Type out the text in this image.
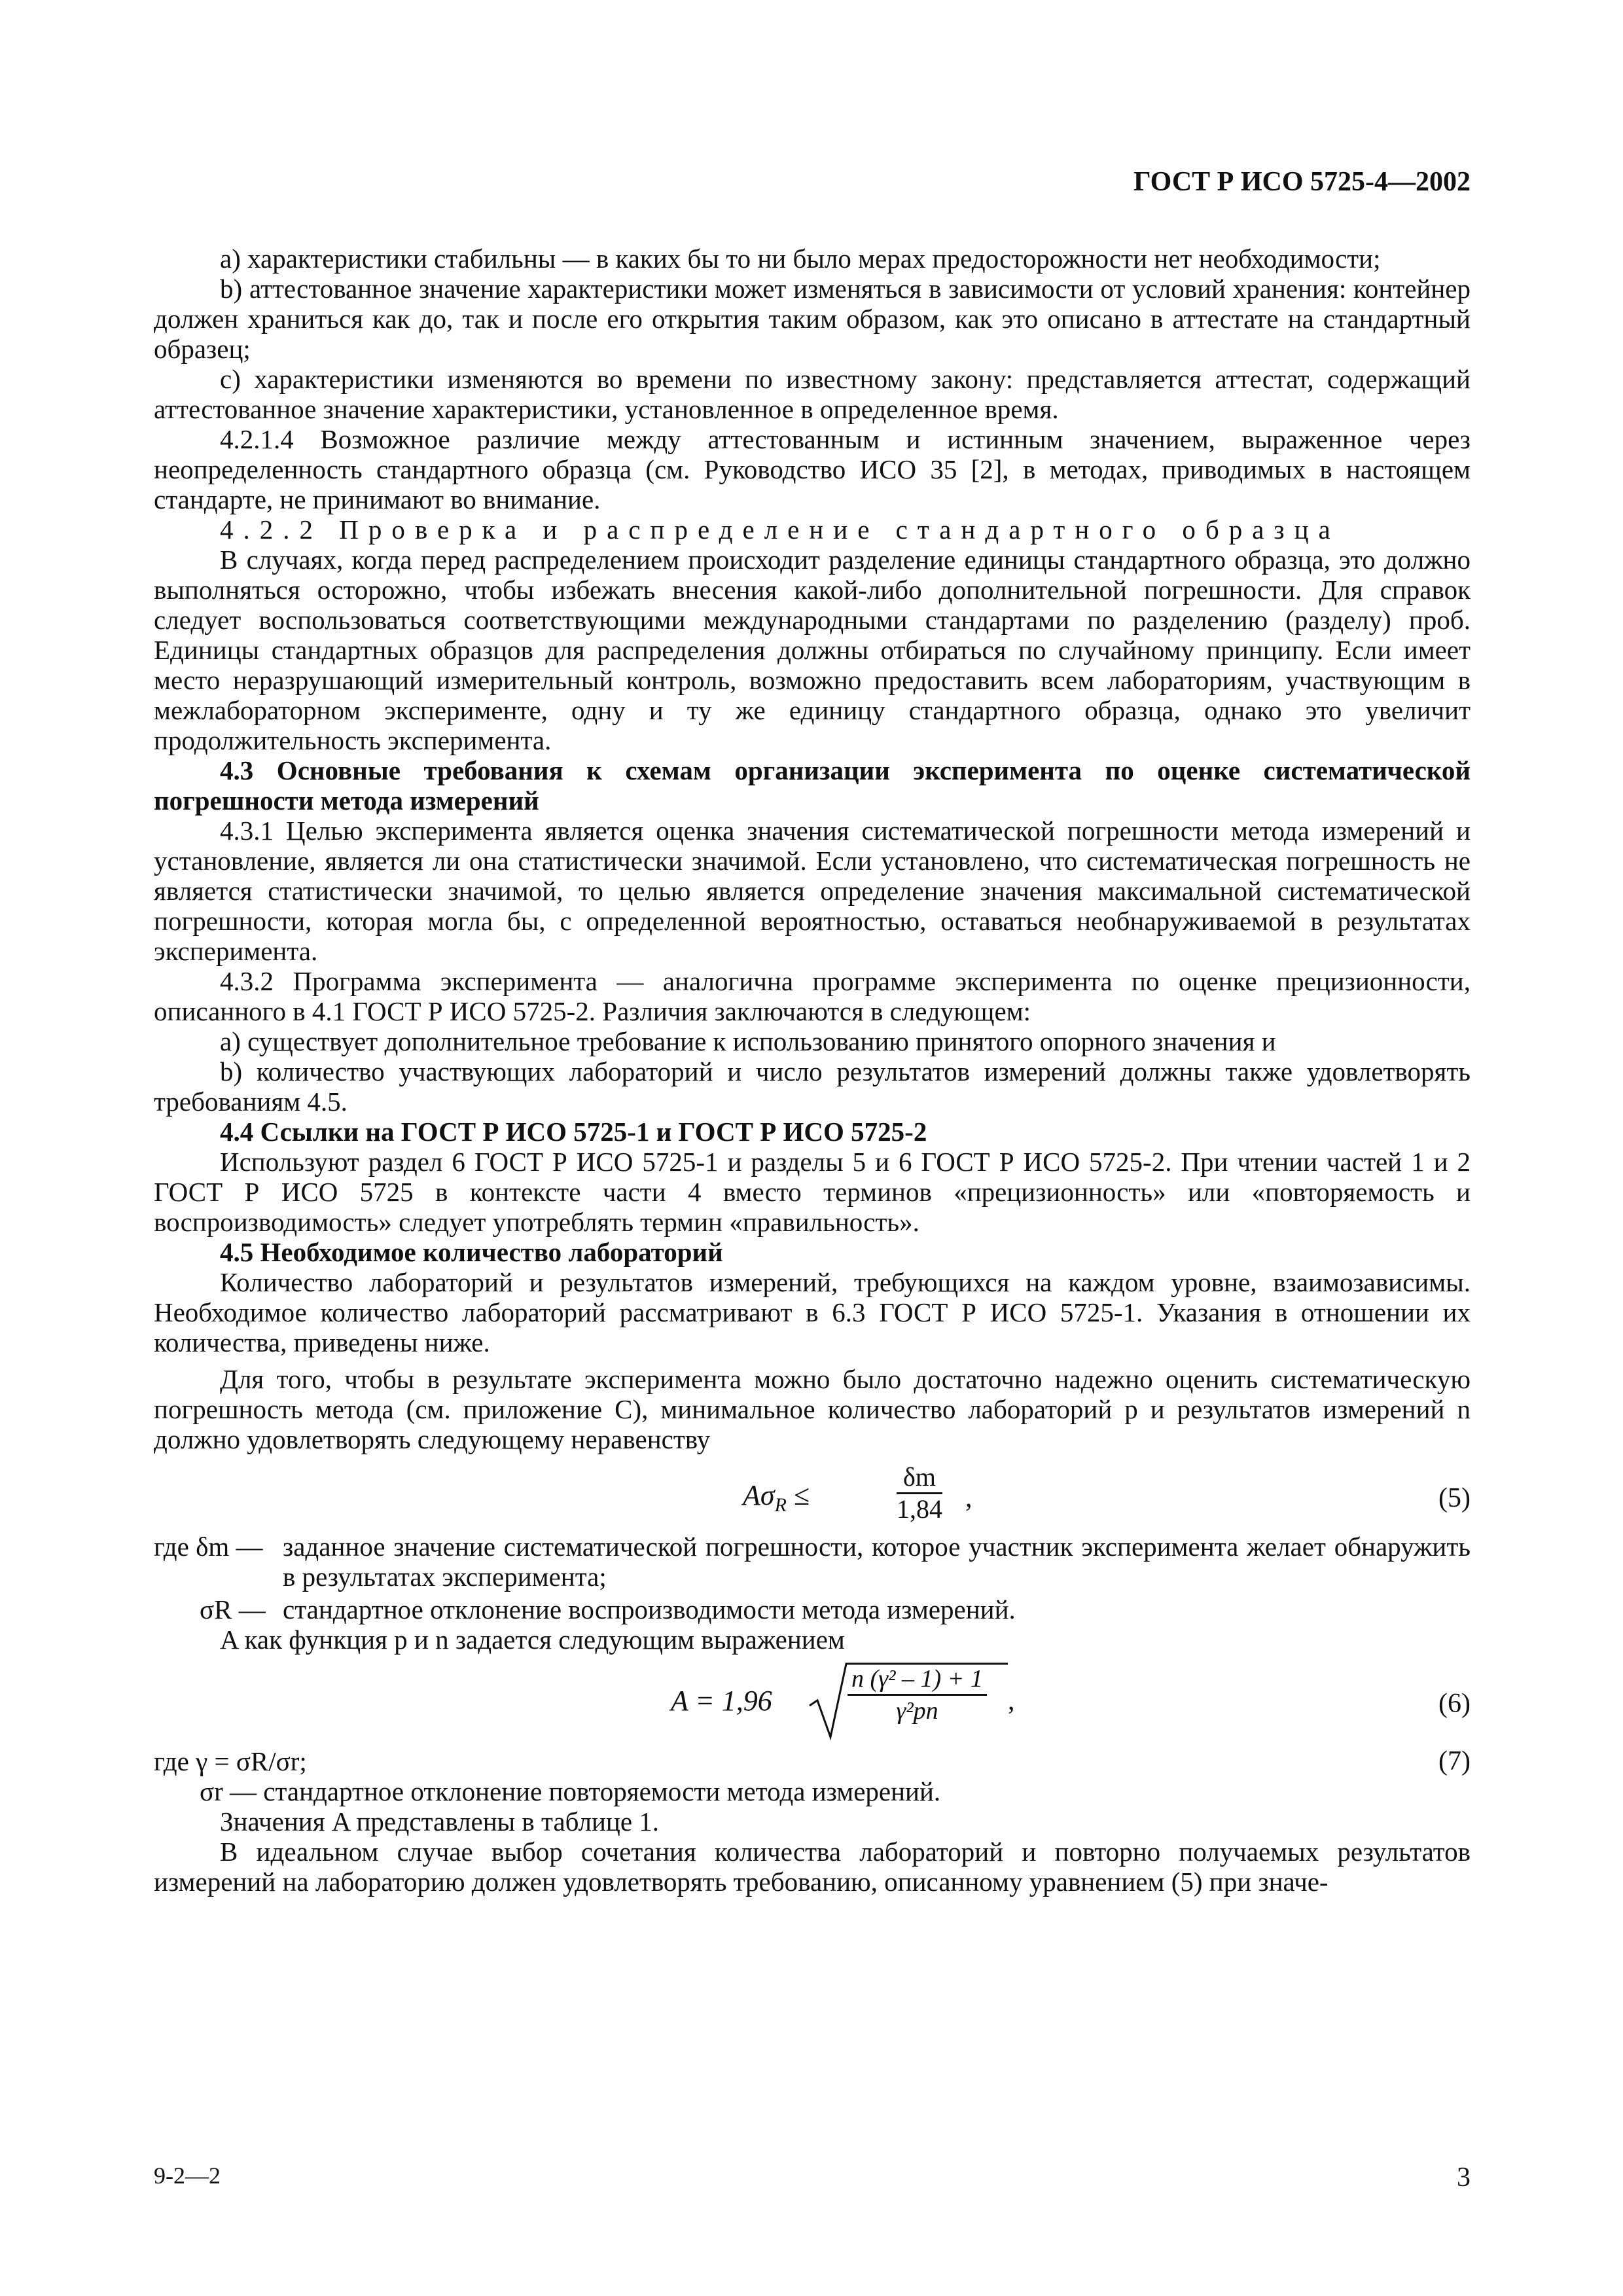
ГОСТ Р ИСО 5725-4—2002

а) характеристики стабильны — в каких бы то ни было мерах предосторожности нет необходимости;

b) аттестованное значение характеристики может изменяться в зависимости от условий хранения: контейнер должен храниться как до, так и после его открытия таким образом, как это описано в аттестате на стандартный образец;

с) характеристики изменяются во времени по известному закону: представляется аттестат, содержащий аттестованное значение характеристики, установленное в определенное время.

4.2.1.4 Возможное различие между аттестованным и истинным значением, выраженное через неопределенность стандартного образца (см. Руководство ИСО 35 [2], в методах, приводимых в настоящем стандарте, не принимают во внимание.

4.2.2 Проверка и распределение стандартного образца

В случаях, когда перед распределением происходит разделение единицы стандартного образца, это должно выполняться осторожно, чтобы избежать внесения какой-либо дополнительной погрешности. Для справок следует воспользоваться соответствующими международными стандартами по разделению (разделу) проб. Единицы стандартных образцов для распределения должны отбираться по случайному принципу. Если имеет место неразрушающий измерительный контроль, возможно предоставить всем лабораториям, участвующим в межлабораторном эксперименте, одну и ту же единицу стандартного образца, однако это увеличит продолжительность эксперимента.

4.3 Основные требования к схемам организации эксперимента по оценке систематической погрешности метода измерений

4.3.1 Целью эксперимента является оценка значения систематической погрешности метода измерений и установление, является ли она статистически значимой. Если установлено, что систематическая погрешность не является статистически значимой, то целью является определение значения максимальной систематической погрешности, которая могла бы, с определенной вероятностью, оставаться необнаруживаемой в результатах эксперимента.

4.3.2 Программа эксперимента — аналогична программе эксперимента по оценке прецизионности, описанного в 4.1 ГОСТ Р ИСО 5725-2. Различия заключаются в следующем:

а) существует дополнительное требование к использованию принятого опорного значения и

b) количество участвующих лабораторий и число результатов измерений должны также удовлетворять требованиям 4.5.

4.4 Ссылки на ГОСТ Р ИСО 5725-1 и ГОСТ Р ИСО 5725-2

Используют раздел 6 ГОСТ Р ИСО 5725-1 и разделы 5 и 6 ГОСТ Р ИСО 5725-2. При чтении частей 1 и 2 ГОСТ Р ИСО 5725 в контексте части 4 вместо терминов «прецизионность» или «повторяемость и воспроизводимость» следует употреблять термин «правильность».

4.5 Необходимое количество лабораторий

Количество лабораторий и результатов измерений, требующихся на каждом уровне, взаимозависимы. Необходимое количество лабораторий рассматривают в 6.3 ГОСТ Р ИСО 5725-1. Указания в отношении их количества, приведены ниже.

Для того, чтобы в результате эксперимента можно было достаточно надежно оценить систематическую погрешность метода (см. приложение С), минимальное количество лабораторий p и результатов измерений n должно удовлетворять следующему неравенству

$A\sigma_R$ ≤	$\frac{\delta m}{1,84}$ ,	(5)
где δm — заданное значение систематической погрешности, которое участник эксперимента желает обнаружить в результатах эксперимента;
σR — стандартное отклонение воспроизводимости метода измерений.

A как функция p и n задается следующим выражением

A = 1,96	$\frac{\text{n (γ² – 1) + 1}}{\text{γ²pn}}$ ,	(6)
где γ = σR/σr;	(7)

σr — стандартное отклонение повторяемости метода измерений.

Значения A представлены в таблице 1.

В идеальном случае выбор сочетания количества лабораторий и повторно получаемых результатов измерений на лабораторию должен удовлетворять требованию, описанному уравнением (5) при значе-

9-2—2	3
